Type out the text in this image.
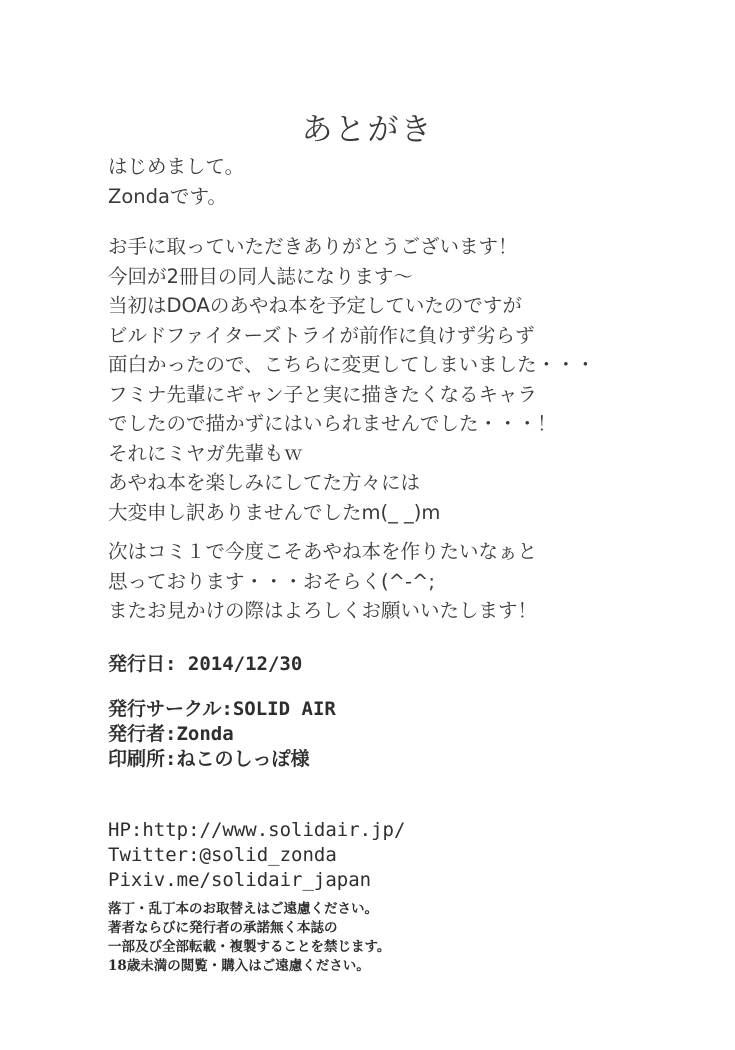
あとがき
はじめまして。
Zondaです。
お手に取っていただきありがとうございます！
今回が2冊目の同人誌になります〜
当初はDOAのあやね本を予定していたのですが
ビルドファイターズトライが前作に負けず劣らず
面白かったので、こちらに変更してしまいました・・・
フミナ先輩にギャン子と実に描きたくなるキャラ
でしたので描かずにはいられませんでした・・・！
それにミヤガ先輩もｗ
あやね本を楽しみにしてた方々には
大変申し訳ありませんでしたm(_ _)m
次はコミ１で今度こそあやね本を作りたいなぁと
思っております・・・おそらく(^-^;
またお見かけの際はよろしくお願いいたします！
発行日: 2014/12/30
発行サークル:SOLID AIR
発行者:Zonda
印刷所:ねこのしっぽ様
HP:http://www.solidair.jp/
Twitter:@solid_zonda
Pixiv.me/solidair_japan
落丁・乱丁本のお取替えはご遠慮ください。
著者ならびに発行者の承諾無く本誌の
一部及び全部転載・複製することを禁じます。
18歳未満の閲覧・購入はご遠慮ください。
